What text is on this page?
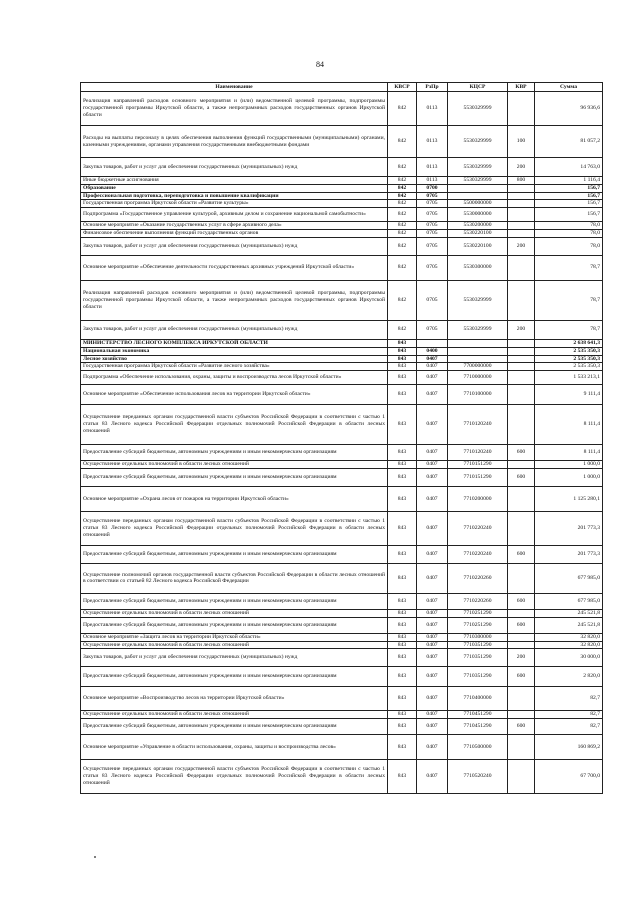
84
Наименование	КВСР	РзПр	КЦСР	КВР	Сумма
Реализация направлений расходов основного мероприятия и (или) ведомственной целевой программы, подпрограммы государственной программы Иркутской области, а также непрограммных расходов государственных органов Иркутской области	842	0113	5530329999		96 936,6
Расходы на выплаты персоналу в целях обеспечения выполнения функций государственными (муниципальными) органами, казенными учреждениями, органами управления государственными внебюджетными фондами	842	0113	5530329999	100	81 057,2
Закупка товаров, работ и услуг для обеспечения государственных (муниципальных) нужд	842	0113	5530329999	200	14 763,0
Иные бюджетные ассигнования	842	0113	5530329999	800	1 116,4
Образование	842	0700			156,7
Профессиональная подготовка, переподготовка и повышение квалификации	842	0705			156,7
Государственная программа Иркутской области «Развитие культуры»	842	0705	5500000000		156,7
Подпрограмма «Государственное управление культурой, архивным делом и сохранение национальной самобытности»	842	0705	5530000000		156,7
Основное мероприятие «Оказание государственных услуг в сфере архивного дела»	842	0705	5530200000		78,0
Финансовое обеспечение выполнения функций государственных органов	842	0705	5530220100		78,0
Закупка товаров, работ и услуг для обеспечения государственных (муниципальных) нужд	842	0705	5530220100	200	78,0
Основное мероприятие «Обеспечение деятельности государственных архивных учреждений Иркутской области»	842	0705	5530300000		78,7
Реализация направлений расходов основного мероприятия и (или) ведомственной целевой программы, подпрограммы государственной программы Иркутской области, а также непрограммных расходов государственных органов Иркутской области	842	0705	5530329999		78,7
Закупка товаров, работ и услуг для обеспечения государственных (муниципальных) нужд	842	0705	5530329999	200	78,7
МИНИСТЕРСТВО ЛЕСНОГО КОМПЛЕКСА ИРКУТСКОЙ ОБЛАСТИ	843				2 638 641,3
Национальная экономика	843	0400			2 535 350,3
Лесное хозяйство	843	0407			2 535 350,3
Государственная программа Иркутской области «Развитие лесного хозяйства»	843	0407	7700000000		2 535 350,3
Подпрограмма «Обеспечение использования, охраны, защиты и воспроизводства лесов Иркутской области»	843	0407	7710000000		1 533 213,1
Основное мероприятие «Обеспечение использования лесов на территории Иркутской области»	843	0407	7710100000		9 111,4
Осуществление переданных органам государственной власти субъектов Российской Федерации в соответствии с частью 1 статьи 83 Лесного кодекса Российской Федерации отдельных полномочий Российской Федерации в области лесных отношений	843	0407	7710120240		8 111,4
Предоставление субсидий бюджетным, автономным учреждениям и иным некоммерческим организациям	843	0407	7710120240	600	8 111,4
Осуществление отдельных полномочий в области лесных отношений	843	0407	7710151290		1 000,0
Предоставление субсидий бюджетным, автономным учреждениям и иным некоммерческим организациям	843	0407	7710151290	600	1 000,0
Основное мероприятие «Охрана лесов от пожаров на территории Иркутской области»	843	0407	7710200000		1 125 280,1
Осуществление переданных органам государственной власти субъектов Российской Федерации в соответствии с частью 1 статьи 83 Лесного кодекса Российской Федерации отдельных полномочий Российской Федерации в области лесных отношений	843	0407	7710220240		201 773,3
Предоставление субсидий бюджетным, автономным учреждениям и иным некоммерческим организациям	843	0407	7710220240	600	201 773,3
Осуществление полномочий органов государственной власти субъектов Российской Федерации в области лесных отношений в соответствии со статьей 82 Лесного кодекса Российской Федерации	843	0407	7710220260		677 985,0
Предоставление субсидий бюджетным, автономным учреждениям и иным некоммерческим организациям	843	0407	7710220260	600	677 985,0
Осуществление отдельных полномочий в области лесных отношений	843	0407	7710251290		245 521,8
Предоставление субсидий бюджетным, автономным учреждениям и иным некоммерческим организациям	843	0407	7710251290	600	245 521,8
Основное мероприятие «Защита лесов на территории Иркутской области»	843	0407	7710300000		32 820,0
Осуществление отдельных полномочий в области лесных отношений	843	0407	7710351290		32 820,0
Закупка товаров, работ и услуг для обеспечения государственных (муниципальных) нужд	843	0407	7710351290	200	30 000,0
Предоставление субсидий бюджетным, автономным учреждениям и иным некоммерческим организациям	843	0407	7710351290	600	2 820,0
Основное мероприятие «Воспроизводство лесов на территории Иркутской области»	843	0407	7710400000		82,7
Осуществление отдельных полномочий в области лесных отношений	843	0407	7710451290		82,7
Предоставление субсидий бюджетным, автономным учреждениям и иным некоммерческим организациям	843	0407	7710451290	600	82,7
Основное мероприятие «Управление в области использования, охраны, защиты и воспроизводства лесов»	843	0407	7710500000		160 869,2
Осуществление переданных органам государственной власти субъектов Российской Федерации в соответствии с частью 1 статьи 83 Лесного кодекса Российской Федерации отдельных полномочий Российской Федерации в области лесных отношений	843	0407	7710520240		67 700,0
